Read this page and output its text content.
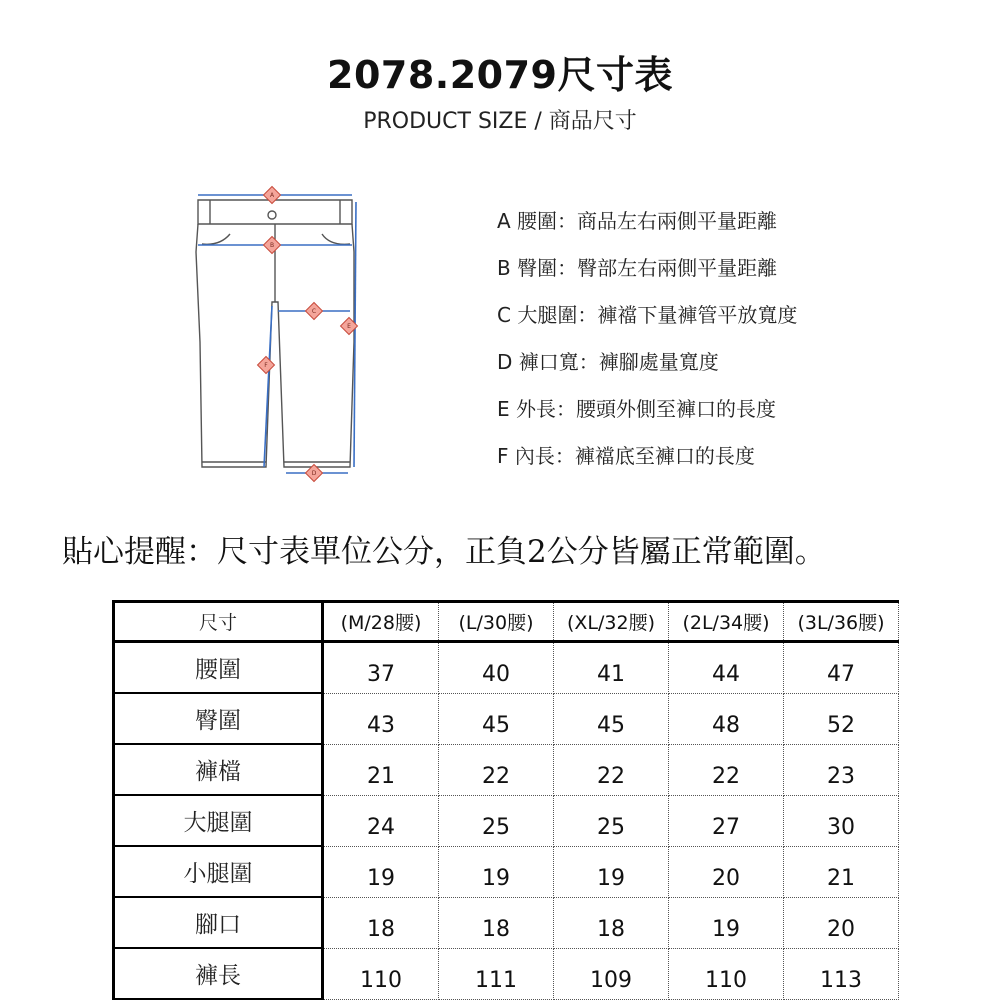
2078.2079尺寸表
PRODUCT SIZE / 商品尺寸
A
B
C
D
E
F
A 腰圍：商品左右兩側平量距離
B 臀圍：臀部左右兩側平量距離
C 大腿圍：褲襠下量褲管平放寬度
D 褲口寬：褲腳處量寬度
E 外長：腰頭外側至褲口的長度
F 內長：褲襠底至褲口的長度
貼心提醒：尺寸表單位公分，正負2公分皆屬正常範圍。
尺寸	(M/28腰)	(L/30腰)	(XL/32腰)	(2L/34腰)	(3L/36腰)
腰圍	37	40	41	44	47
臀圍	43	45	45	48	52
褲檔	21	22	22	22	23
大腿圍	24	25	25	27	30
小腿圍	19	19	19	20	21
腳口	18	18	18	19	20
褲長	110	111	109	110	113
